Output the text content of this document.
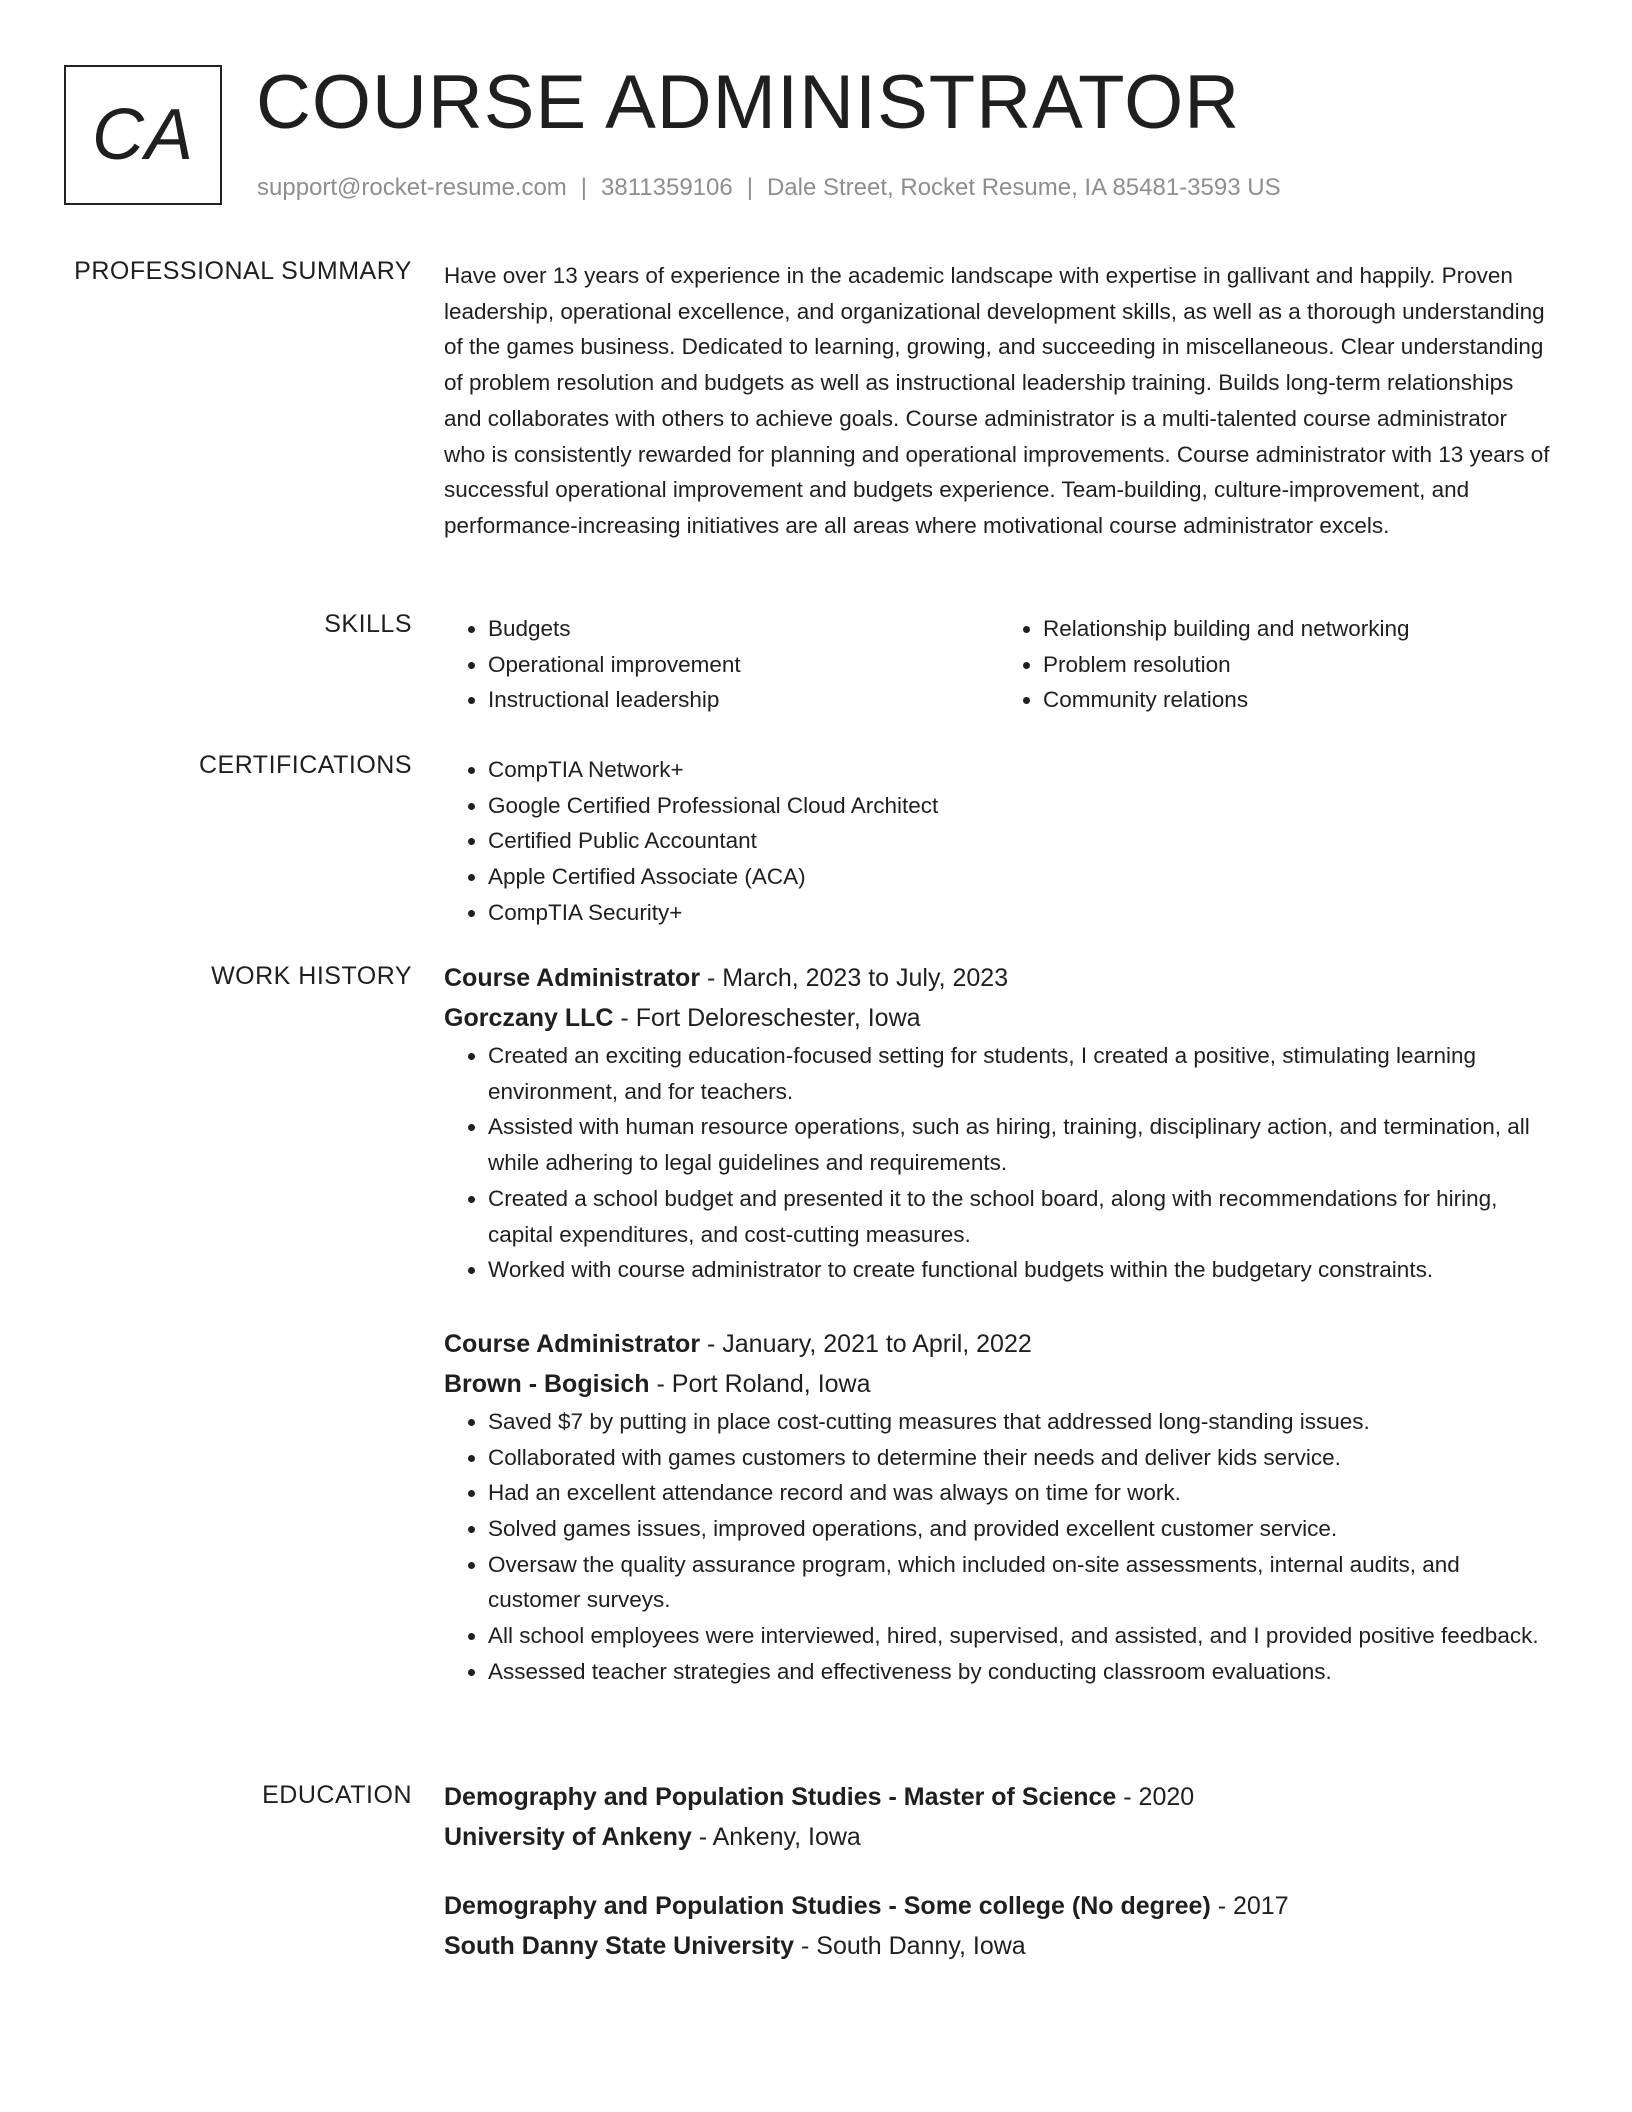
CA COURSE ADMINISTRATOR
support@rocket-resume.com | 3811359106 | Dale Street, Rocket Resume, IA 85481-3593 US
PROFESSIONAL SUMMARY Have over 13 years of experience in the academic landscape with expertise in gallivant and happily. Proven leadership, operational excellence, and organizational development skills, as well as a thorough understanding of the games business. Dedicated to learning, growing, and succeeding in miscellaneous. Clear understanding of problem resolution and budgets as well as instructional leadership training. Builds long-term relationships and collaborates with others to achieve goals. Course administrator is a multi-talented course administrator who is consistently rewarded for planning and operational improvements. Course administrator with 13 years of successful operational improvement and budgets experience. Team-building, culture-improvement, and performance-increasing initiatives are all areas where motivational course administrator excels.

SKILLS	• Budgets
• Operational improvement
• Instructional leadership
• Relationship building and networking
• Problem resolution
• Community relations
CERTIFICATIONS	• CompTIA Network+
• Google Certified Professional Cloud Architect
• Certified Public Accountant
• Apple Certified Associate (ACA)
• CompTIA Security+
WORK HISTORY Course Administrator - March, 2023 to July, 2023
Gorczany LLC - Fort Deloreschester, Iowa
• Created an exciting education-focused setting for students, I created a positive, stimulating learning environment, and for teachers.
• Assisted with human resource operations, such as hiring, training, disciplinary action, and termination, all while adhering to legal guidelines and requirements.
• Created a school budget and presented it to the school board, along with recommendations for hiring, capital expenditures, and cost-cutting measures.
• Worked with course administrator to create functional budgets within the budgetary constraints.
Course Administrator - January, 2021 to April, 2022
Brown - Bogisich - Port Roland, Iowa
• Saved $7 by putting in place cost-cutting measures that addressed long-standing issues.
• Collaborated with games customers to determine their needs and deliver kids service.
• Had an excellent attendance record and was always on time for work.
• Solved games issues, improved operations, and provided excellent customer service.
• Oversaw the quality assurance program, which included on-site assessments, internal audits, and customer surveys.
• All school employees were interviewed, hired, supervised, and assisted, and I provided positive feedback.
• Assessed teacher strategies and effectiveness by conducting classroom evaluations.
EDUCATION Demography and Population Studies - Master of Science - 2020
University of Ankeny - Ankeny, Iowa
Demography and Population Studies - Some college (No degree) - 2017
South Danny State University - South Danny, Iowa
